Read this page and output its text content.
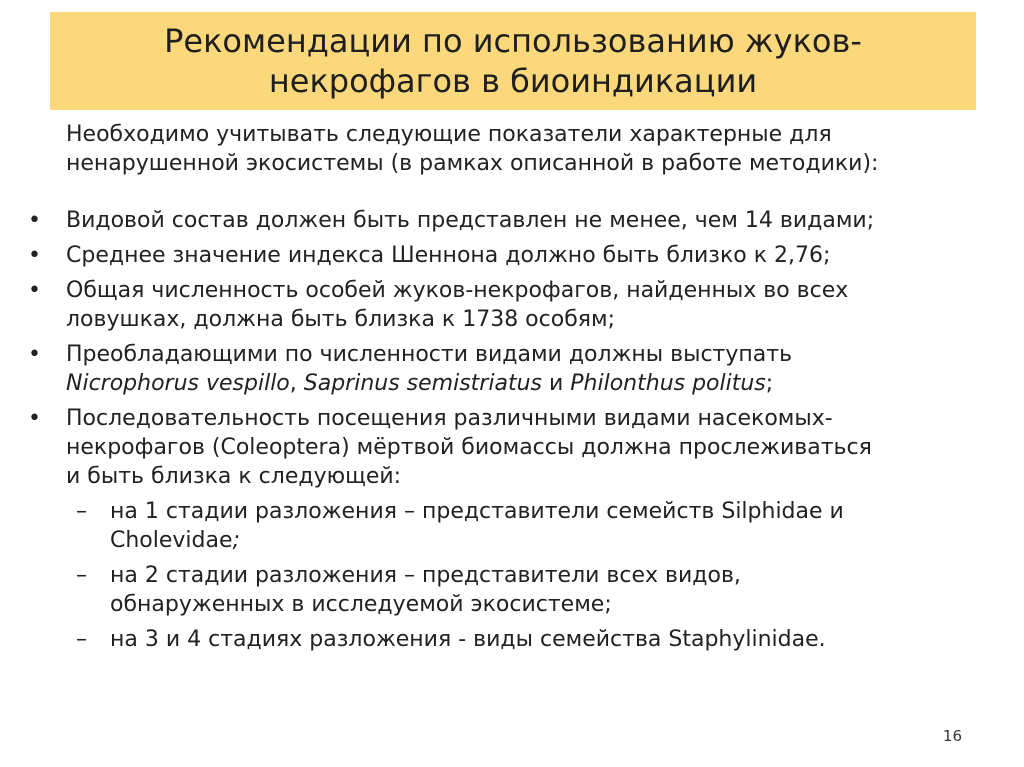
Рекомендации по использованию жуков-
некрофагов в биоиндикации

Необходимо учитывать следующие показатели характерные для
ненарушенной экосистемы (в рамках описанной в работе методики):

• Видовой состав должен быть представлен не менее, чем 14 видами;

• Среднее значение индекса Шеннона должно быть близко к 2,76;

• Общая численность особей жуков-некрофагов, найденных во всех
ловушках, должна быть близка к 1738 особям;

• Преобладающими по численности видами должны выступать
Nicrophorus vespillo, Saprinus semistriatus и Philonthus politus;

• Последовательность посещения различными видами насекомых-
некрофагов (Coleoptera) мёртвой биомассы должна прослеживаться
и быть близка к следующей:

– на 1 стадии разложения – представители семейств Silphidae и
Cholevidae;

– на 2 стадии разложения – представители всех видов,
обнаруженных в исследуемой экосистеме;

– на 3 и 4 стадиях разложения - виды семейства Staphylinidae.

16
